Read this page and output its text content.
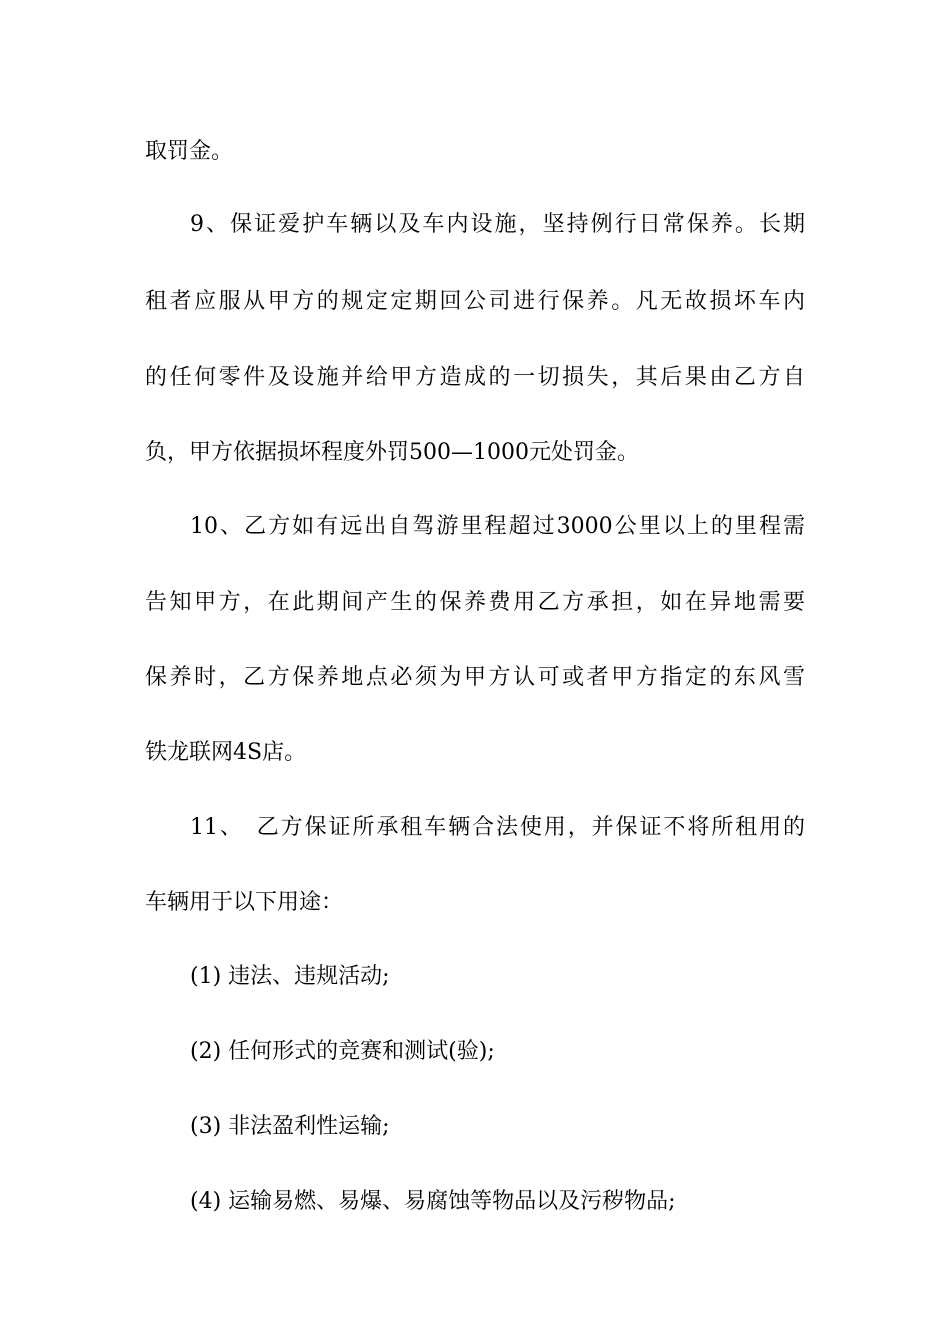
取罚金。
9、保证爱护车辆以及车内设施，坚持例行日常保养。长期
租者应服从甲方的规定定期回公司进行保养。凡无故损坏车内
的任何零件及设施并给甲方造成的一切损失，其后果由乙方自
负，甲方依据损坏程度外罚500—1000元处罚金。
10、乙方如有远出自驾游里程超过3000公里以上的里程需
告知甲方，在此期间产生的保养费用乙方承担，如在异地需要
保养时，乙方保养地点必须为甲方认可或者甲方指定的东风雪
铁龙联网4S店。
11、　乙方保证所承租车辆合法使用，并保证不将所租用的
车辆用于以下用途：
(1) 违法、违规活动;
(2) 任何形式的竞赛和测试(验);
(3) 非法盈利性运输;
(4) 运输易燃、易爆、易腐蚀等物品以及污秽物品;
